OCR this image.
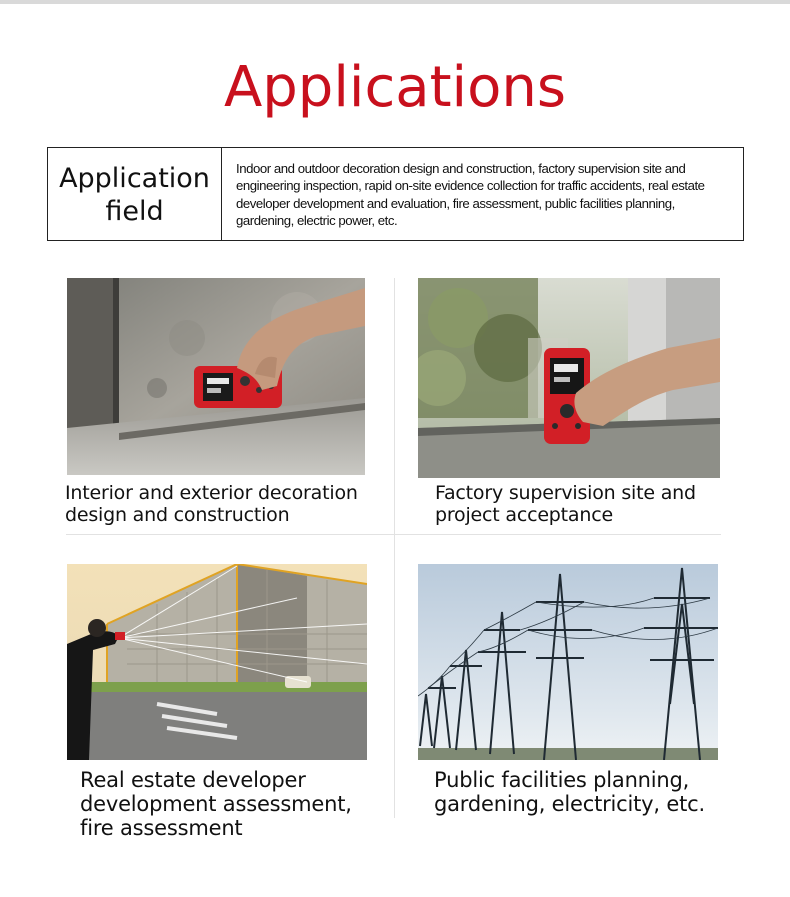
Applications
Application
field
Indoor and outdoor decoration design and construction, factory supervision site and engineering inspection, rapid on-site evidence collection for traffic accidents, real estate developer development and evaluation, fire assessment, public facilities planning, gardening, electric power, etc.
Interior and exterior decoration
design and construction
Factory supervision site and
project acceptance
Real estate developer
development assessment,
fire assessment
Public facilities planning,
gardening, electricity, etc.
